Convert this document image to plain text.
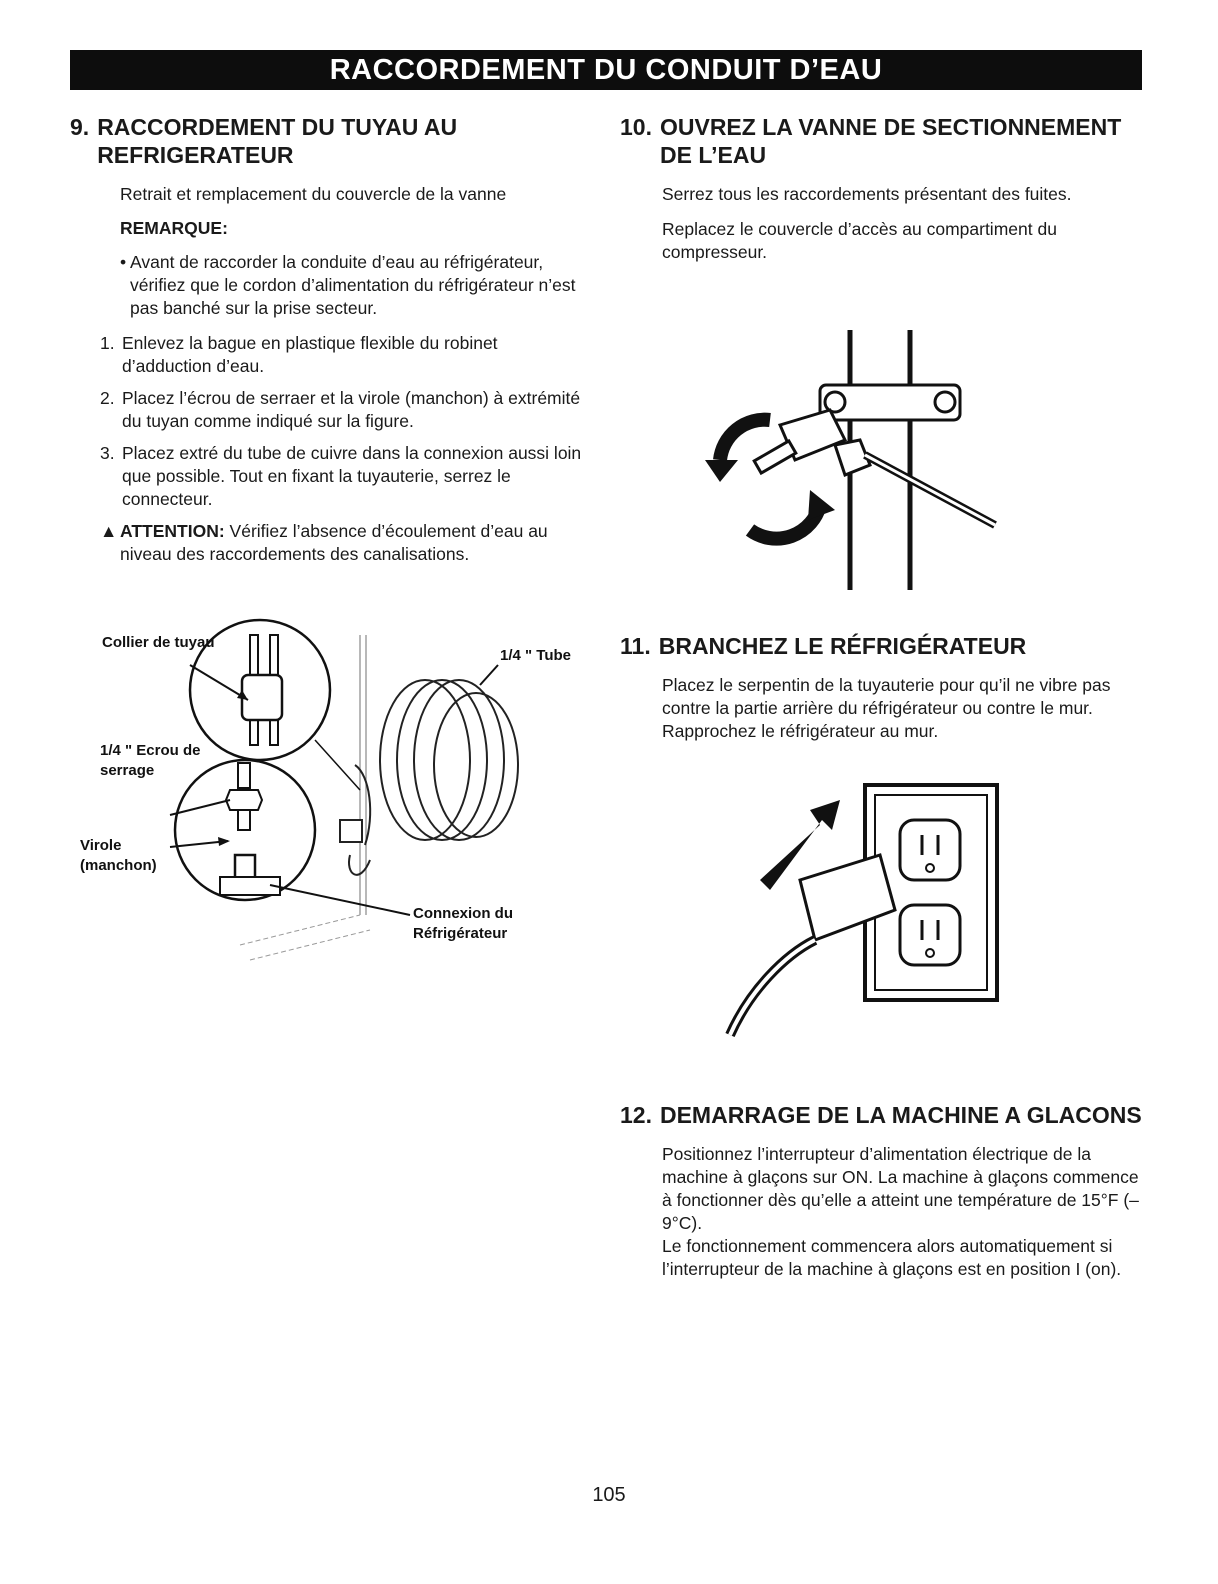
RACCORDEMENT DU CONDUIT D’EAU
9. RACCORDEMENT DU TUYAU AU REFRIGERATEUR
Retrait et remplacement du couvercle de la vanne
REMARQUE:
• Avant de raccorder la conduite d’eau au réfrigérateur, vérifiez que le cordon d’alimentation du réfrigérateur n’est pas banché sur la prise secteur.
1. Enlevez la bague en plastique flexible du robinet d’adduction d’eau.
2. Placez l’écrou de serraer et la virole (manchon) à extrémité du tuyan comme indiqué sur la figure.
3. Placez extré du tube de cuivre dans la connexion aussi loin que possible. Tout en fixant la tuyauterie, serrez le connecteur.
▲ ATTENTION: Vérifiez l’absence d’écoulement d’eau au niveau des raccordements des canalisations.
Collier de tuyau
1/4 " Tube
1/4 " Ecrou de
serrage
Virole
(manchon)
Connexion du
Réfrigérateur
10. OUVREZ LA VANNE DE SECTIONNEMENT DE L’EAU
Serrez tous les raccordements présentant des fuites.
Replacez le couvercle d’accès au compartiment du compresseur.
11. BRANCHEZ LE RÉFRIGÉRATEUR
Placez le serpentin de la tuyauterie pour qu’il ne vibre pas contre la partie arrière du réfrigérateur ou contre le mur. Rapprochez le réfrigérateur au mur.
12. DEMARRAGE DE LA MACHINE A GLACONS
Positionnez l’interrupteur d’alimentation électrique de la machine à glaçons sur ON. La machine à glaçons commence à fonctionner dès qu’elle a atteint une température de 15°F (–9°C).
Le fonctionnement commencera alors automatiquement si l’interrupteur de la machine à glaçons est en position I (on).
105
